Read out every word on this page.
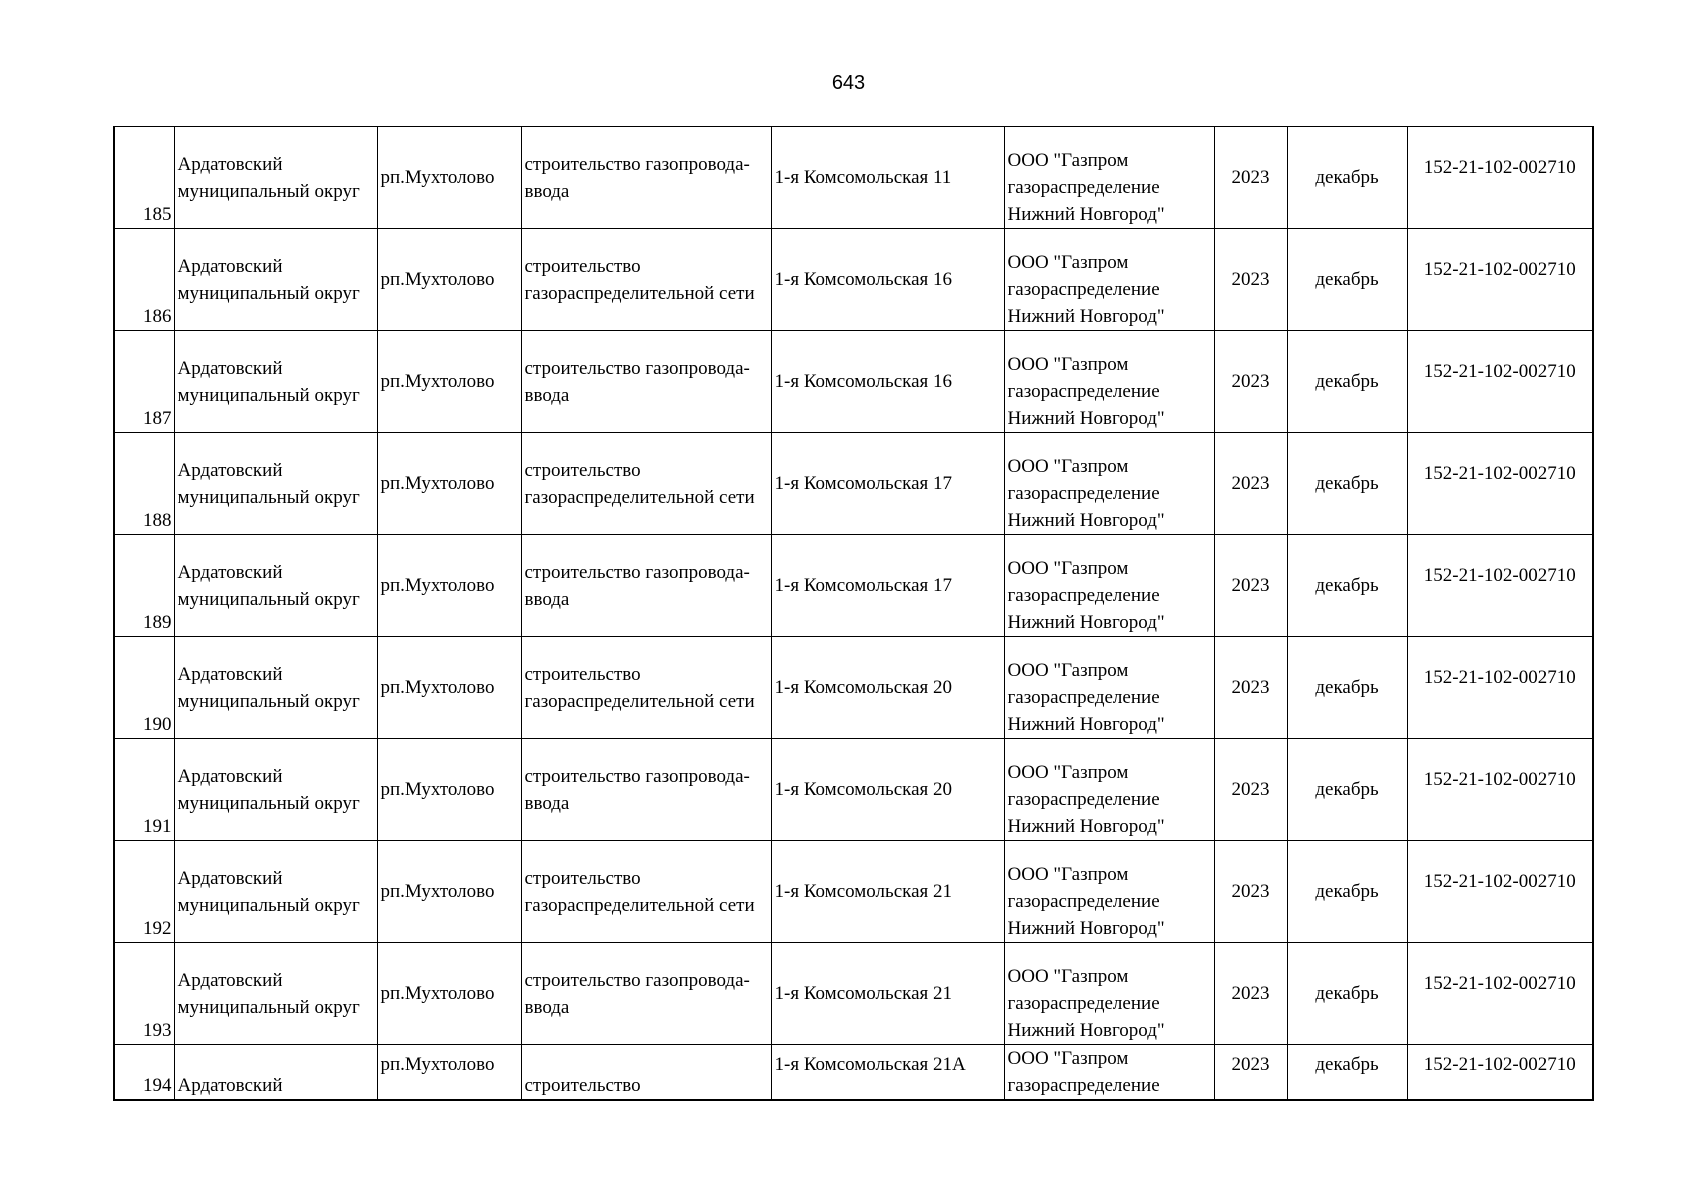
643
185	Ардатовский
муниципальный округ	рп.Мухтолово	строительство газопровода-
ввода	1-я Комсомольская 11	ООО "Газпром
газораспределение
Нижний Новгород"	2023	декабрь	152-21-102-002710

186	Ардатовский
муниципальный округ	рп.Мухтолово	строительство
газораспределительной сети	1-я Комсомольская 16	ООО "Газпром
газораспределение
Нижний Новгород"	2023	декабрь	152-21-102-002710

187	Ардатовский
муниципальный округ	рп.Мухтолово	строительство газопровода-
ввода	1-я Комсомольская 16	ООО "Газпром
газораспределение
Нижний Новгород"	2023	декабрь	152-21-102-002710

188	Ардатовский
муниципальный округ	рп.Мухтолово	строительство
газораспределительной сети	1-я Комсомольская 17	ООО "Газпром
газораспределение
Нижний Новгород"	2023	декабрь	152-21-102-002710

189	Ардатовский
муниципальный округ	рп.Мухтолово	строительство газопровода-
ввода	1-я Комсомольская 17	ООО "Газпром
газораспределение
Нижний Новгород"	2023	декабрь	152-21-102-002710

190	Ардатовский
муниципальный округ	рп.Мухтолово	строительство
газораспределительной сети	1-я Комсомольская 20	ООО "Газпром
газораспределение
Нижний Новгород"	2023	декабрь	152-21-102-002710

191	Ардатовский
муниципальный округ	рп.Мухтолово	строительство газопровода-
ввода	1-я Комсомольская 20	ООО "Газпром
газораспределение
Нижний Новгород"	2023	декабрь	152-21-102-002710

192	Ардатовский
муниципальный округ	рп.Мухтолово	строительство
газораспределительной сети	1-я Комсомольская 21	ООО "Газпром
газораспределение
Нижний Новгород"	2023	декабрь	152-21-102-002710

193	Ардатовский
муниципальный округ	рп.Мухтолово	строительство газопровода-
ввода	1-я Комсомольская 21	ООО "Газпром
газораспределение
Нижний Новгород"	2023	декабрь	152-21-102-002710

194	Ардатовский	рп.Мухтолово	строительство	1-я Комсомольская 21А	ООО "Газпром
газораспределение	2023	декабрь	152-21-102-002710
